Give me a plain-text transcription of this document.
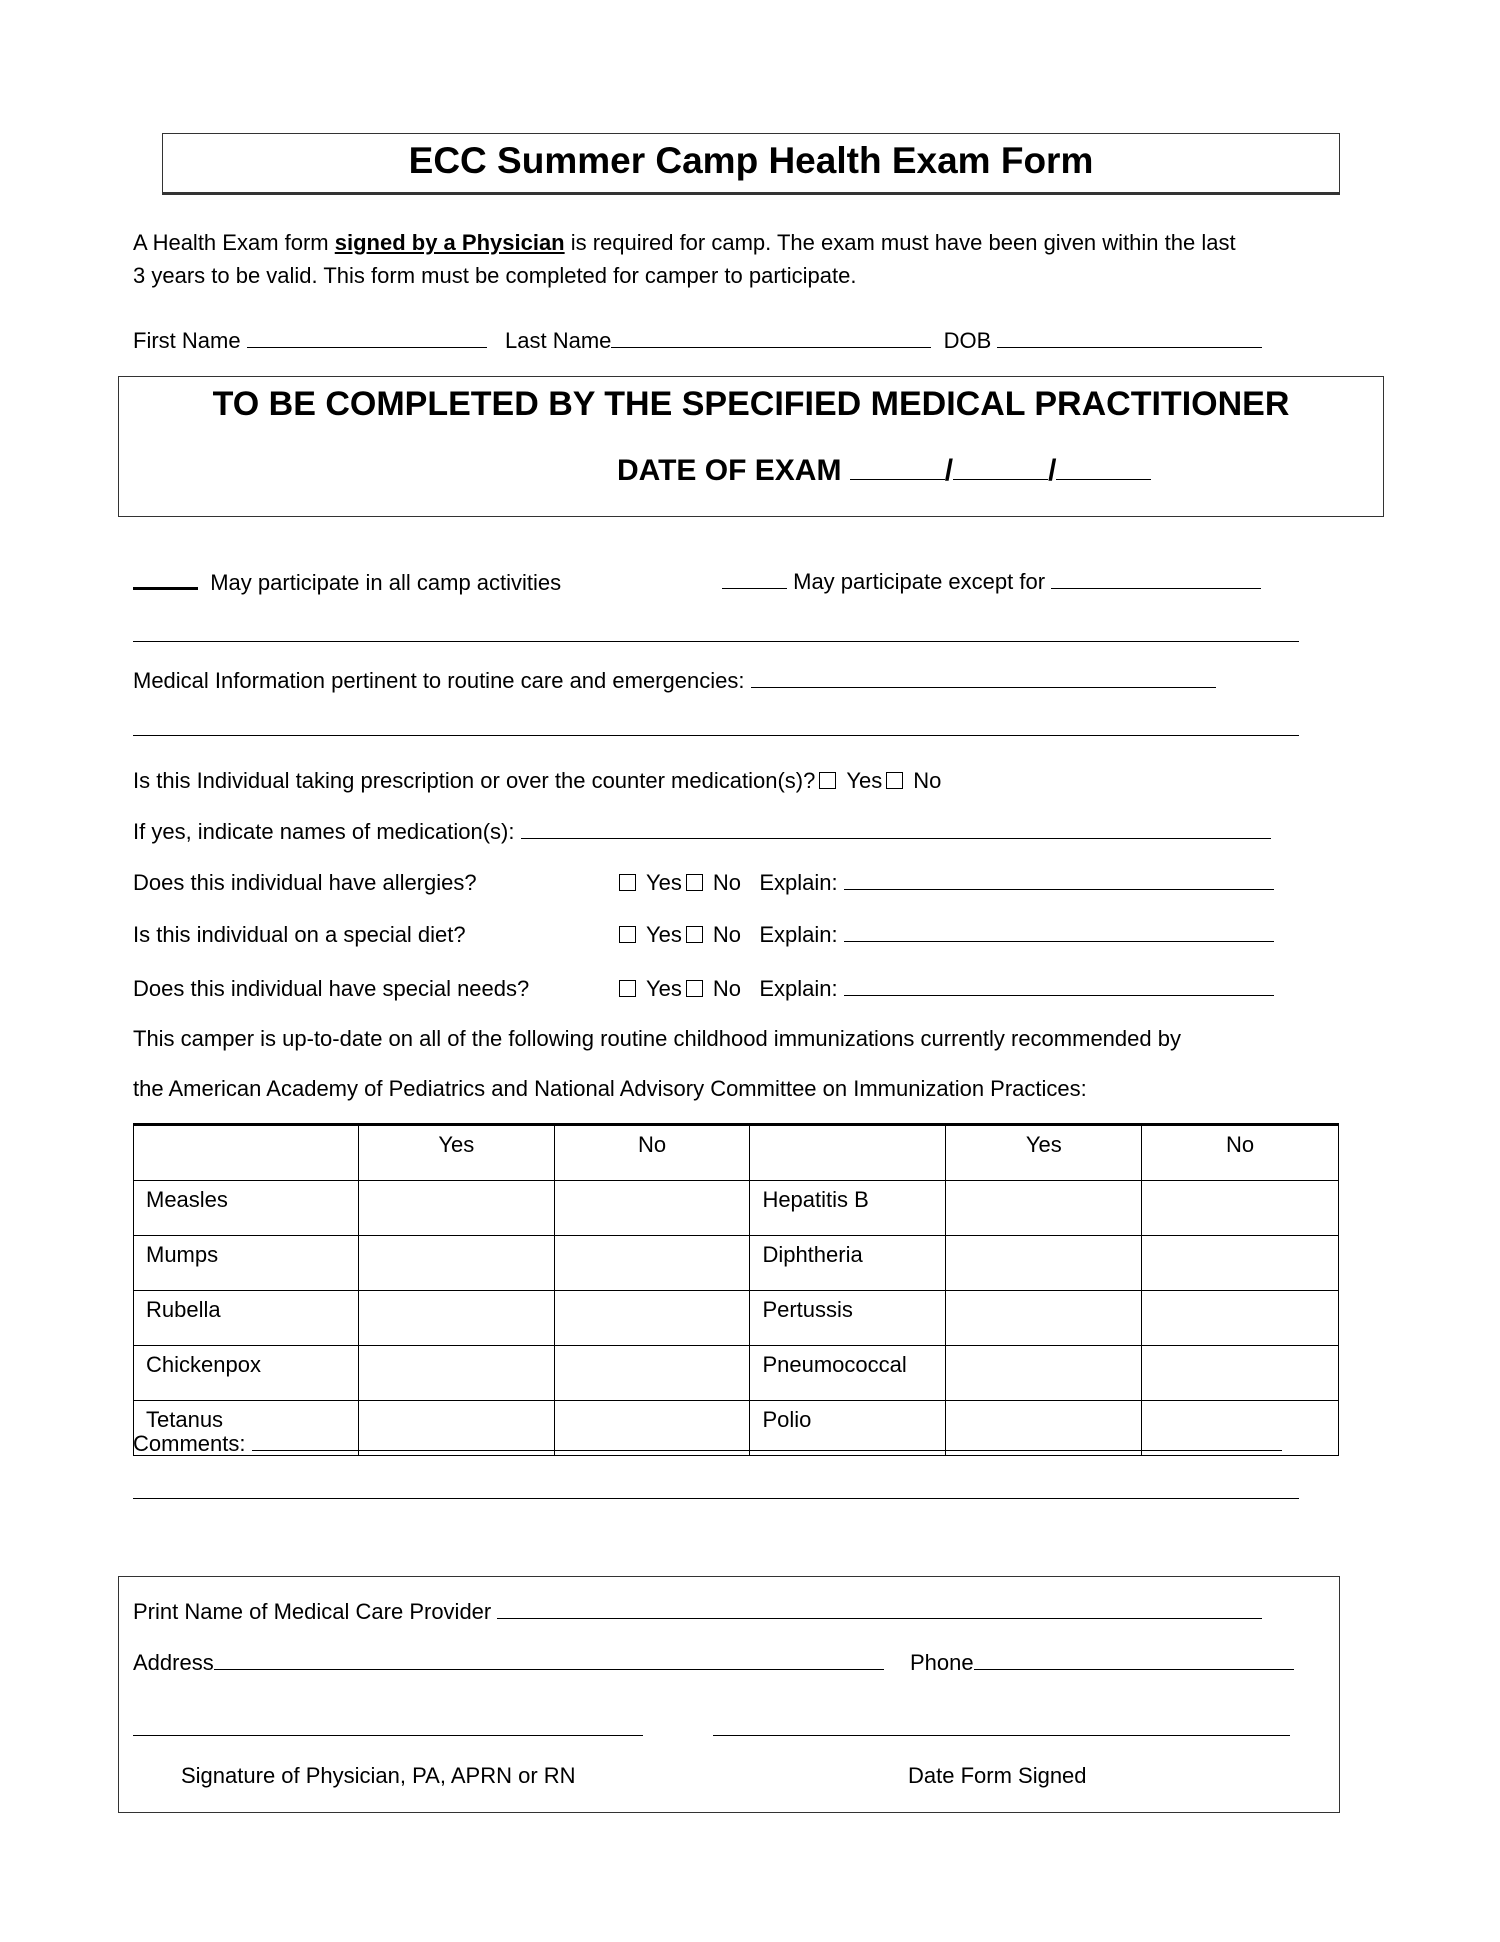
ECC Summer Camp Health Exam Form
A Health Exam form signed by a Physician is required for camp. The exam must have been given within the last
3 years to be valid. This form must be completed for camper to participate.
First Name	Last Name	DOB
TO BE COMPLETED BY THE SPECIFIED MEDICAL PRACTITIONER
DATE OF EXAM	/	/
May participate in all camp activities	May participate except for
Medical Information pertinent to routine care and emergencies:
Is this Individual taking prescription or over the counter medication(s)? Yes No
If yes, indicate names of medication(s):
Does this individual have allergies?	Yes No Explain:
Is this individual on a special diet?	Yes No Explain:
Does this individual have special needs?	Yes No Explain:
This camper is up-to-date on all of the following routine childhood immunizations currently recommended by
the American Academy of Pediatrics and National Advisory Committee on Immunization Practices:
	Yes	No		Yes	No
Measles			Hepatitis B		
Mumps			Diphtheria		
Rubella			Pertussis		
Chickenpox			Pneumococcal		
Tetanus			Polio		
Comments:
Print Name of Medical Care Provider
Address	Phone
Signature of Physician, PA, APRN or RN	Date Form Signed
